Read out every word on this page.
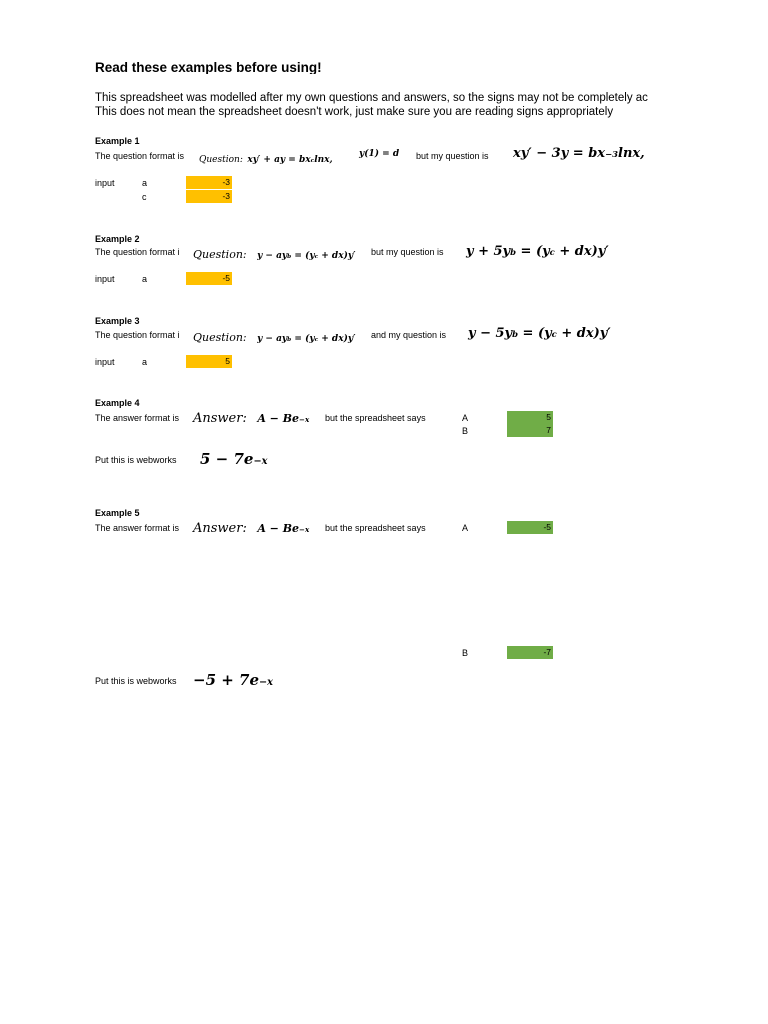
Read these examples before using!
This spreadsheet was modelled after my own questions and answers, so the signs may not be completely ac
This does not mean the spreadsheet doesn't work, just make sure you are reading signs appropriately
Example 1
The question format is Question: xy′ + ay = $bx^c\ln x$,
y(1) = d but my question is $xy' - 3y = bx^{-3}\ln x$,
input	a	-3
c	-3
Example 2
The question format i	Question: $y - ay^b = (y^c + dx)y'$ but my question is $y + 5y^b = (y^c + dx)y'$
input	a	-5
Example 3
The question format i	Question: $y - ay^b = (y^c + dx)y'$ and my question is $y - 5y^b = (y^c + dx)y'$
input	a	5
Example 4
The answer format is Answer: $A - Be^{-x}$ but the spreadsheet says	A	5
B	7
Put this is webworks $5 - 7e^{-x}$
Example 5
The answer format is Answer: $A - Be^{-x}$ but the spreadsheet says	A	-5
B	-7
Put this is webworks $-5 + 7e^{-x}$
